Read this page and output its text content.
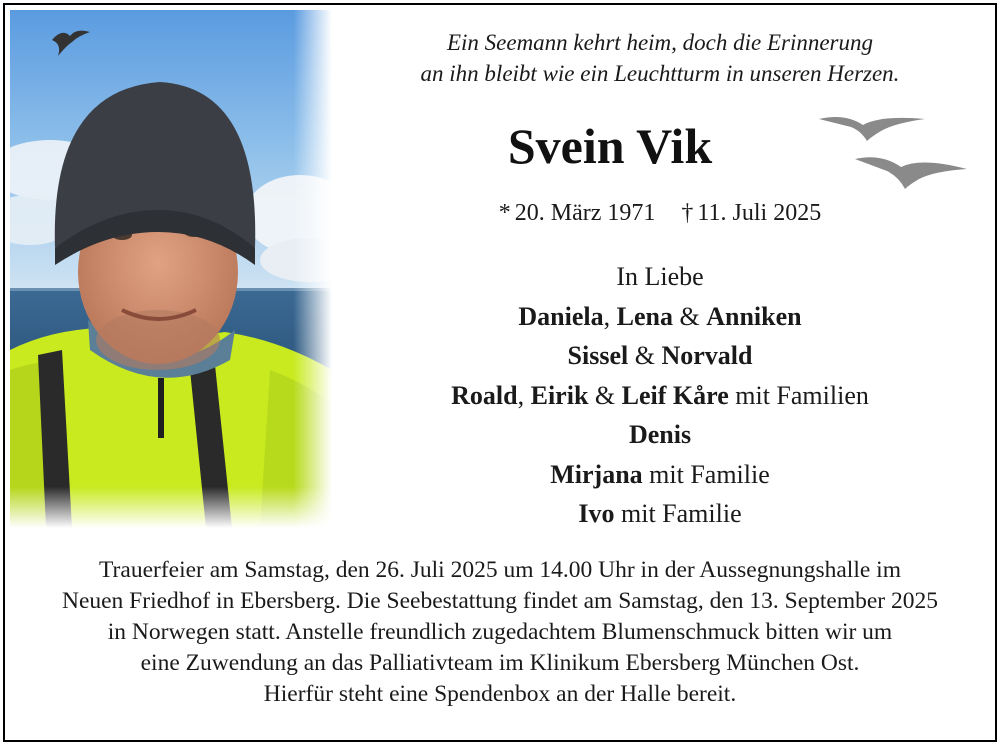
Ein Seemann kehrt heim, doch die Erinnerung
an ihn bleibt wie ein Leuchtturm in unseren Herzen.
Svein Vik
* 20. März 1971 † 11. Juli 2025
In Liebe
Daniela, Lena & Anniken
Sissel & Norvald
Roald, Eirik & Leif Kåre mit Familien
Denis
Mirjana mit Familie
Ivo mit Familie
Trauerfeier am Samstag, den 26. Juli 2025 um 14.00 Uhr in der Aussegnungshalle im
Neuen Friedhof in Ebersberg. Die Seebestattung findet am Samstag, den 13. September 2025
in Norwegen statt. Anstelle freundlich zugedachtem Blumenschmuck bitten wir um
eine Zuwendung an das Palliativteam im Klinikum Ebersberg München Ost.
Hierfür steht eine Spendenbox an der Halle bereit.
